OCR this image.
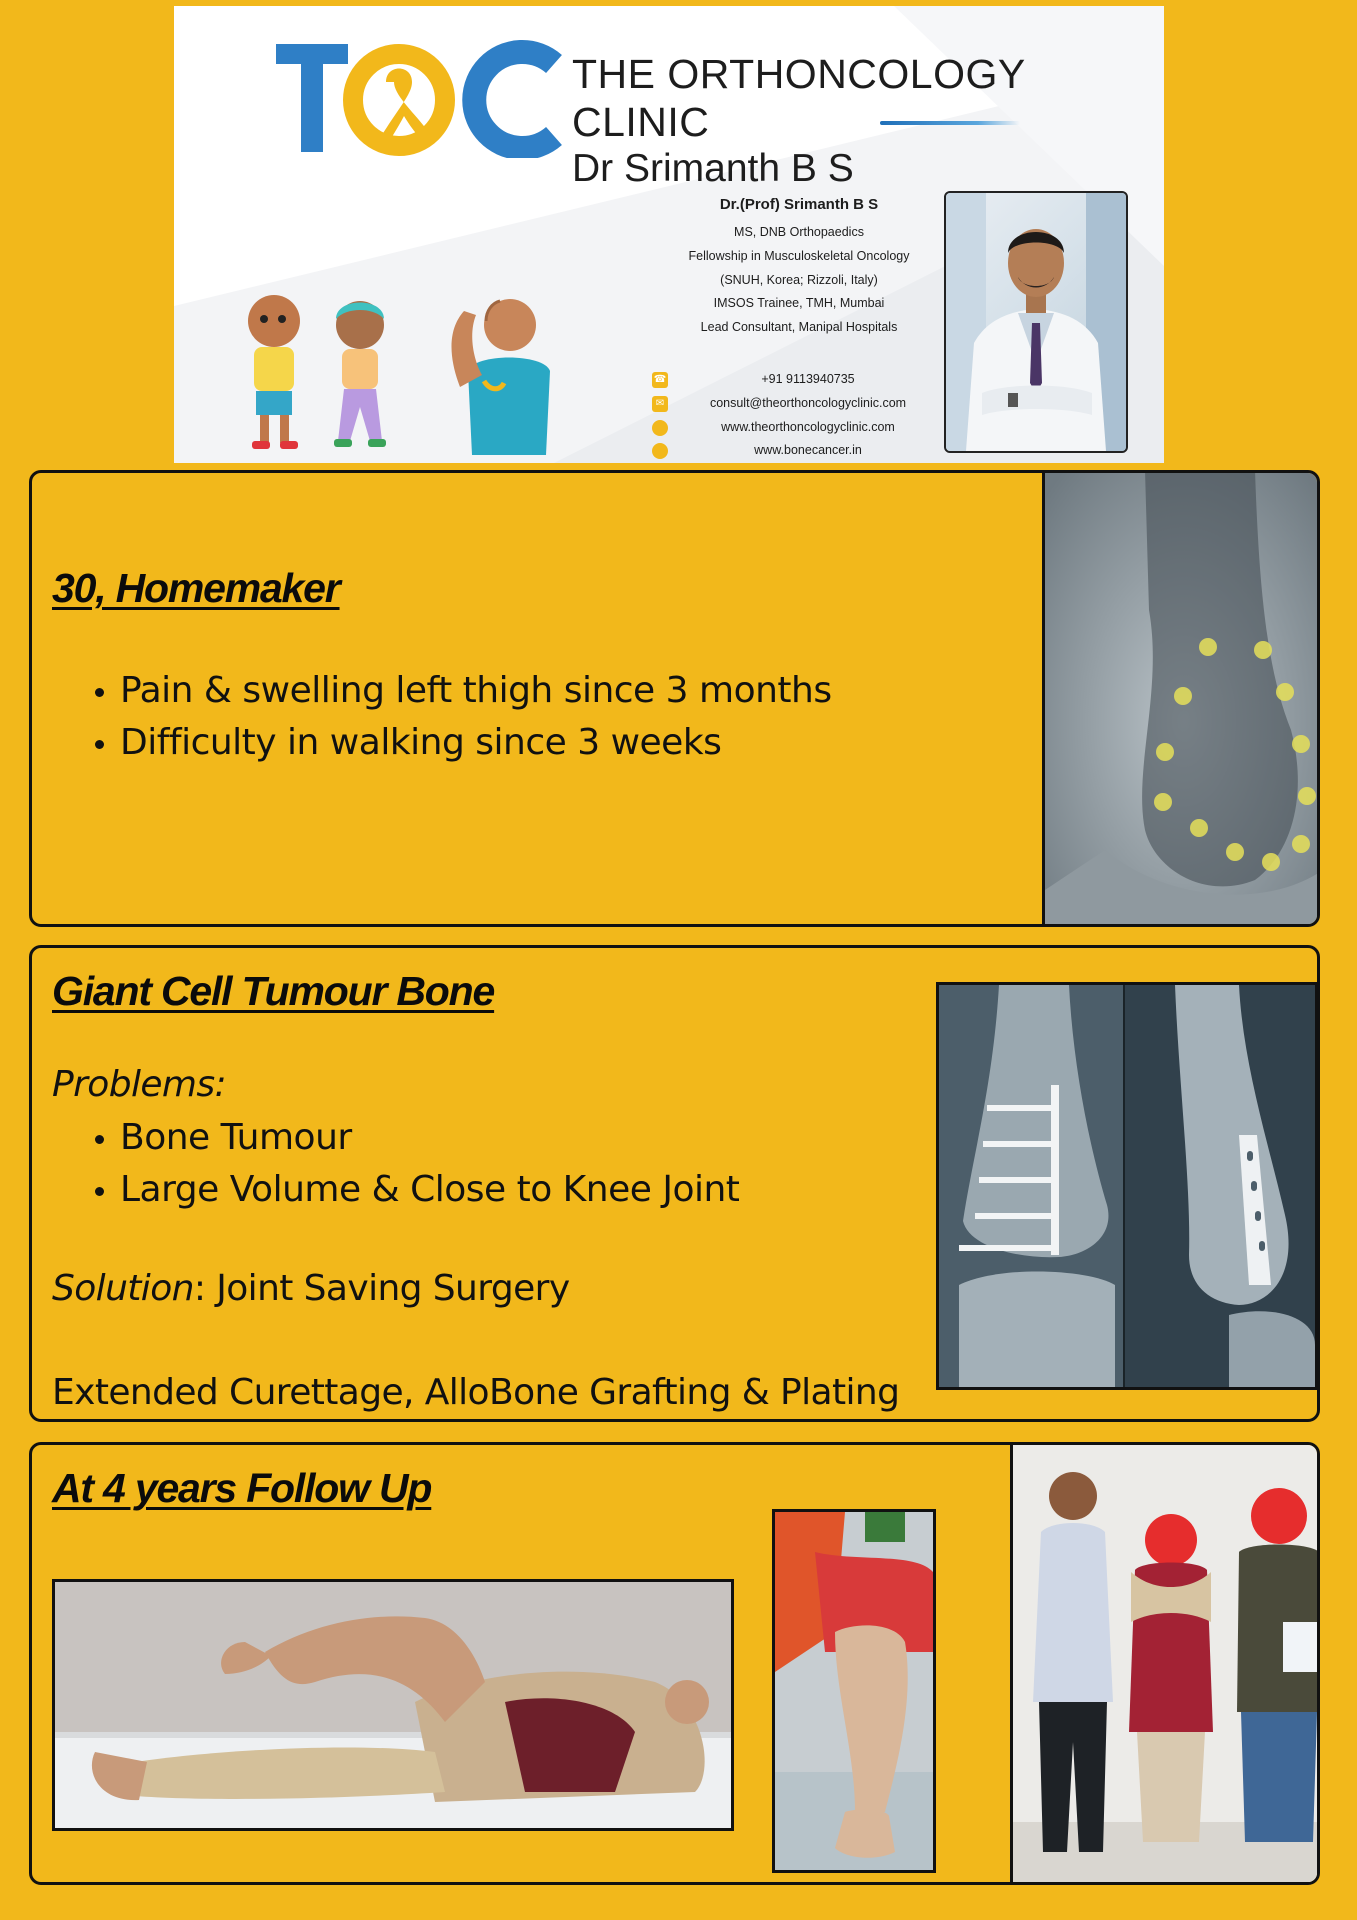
THE ORTHONCOLOGY CLINIC
Dr Srimanth B S
Dr.(Prof) Srimanth B S
MS, DNB Orthopaedics
Fellowship in Musculoskeletal Oncology
(SNUH, Korea; Rizzoli, Italy)
IMSOS Trainee, TMH, Mumbai
Lead Consultant, Manipal Hospitals
☎	+91 9113940735
✉	consult@theorthoncologyclinic.com
www.theorthoncologyclinic.com
www.bonecancer.in
30, Homemaker
• Pain & swelling left thigh since 3 months
• Difficulty in walking since 3 weeks
Giant Cell Tumour Bone

Problems:

• Bone Tumour
• Large Volume & Close to Knee Joint

Solution: Joint Saving Surgery

Extended Curettage, AlloBone Grafting & Plating

At 4 years Follow Up
